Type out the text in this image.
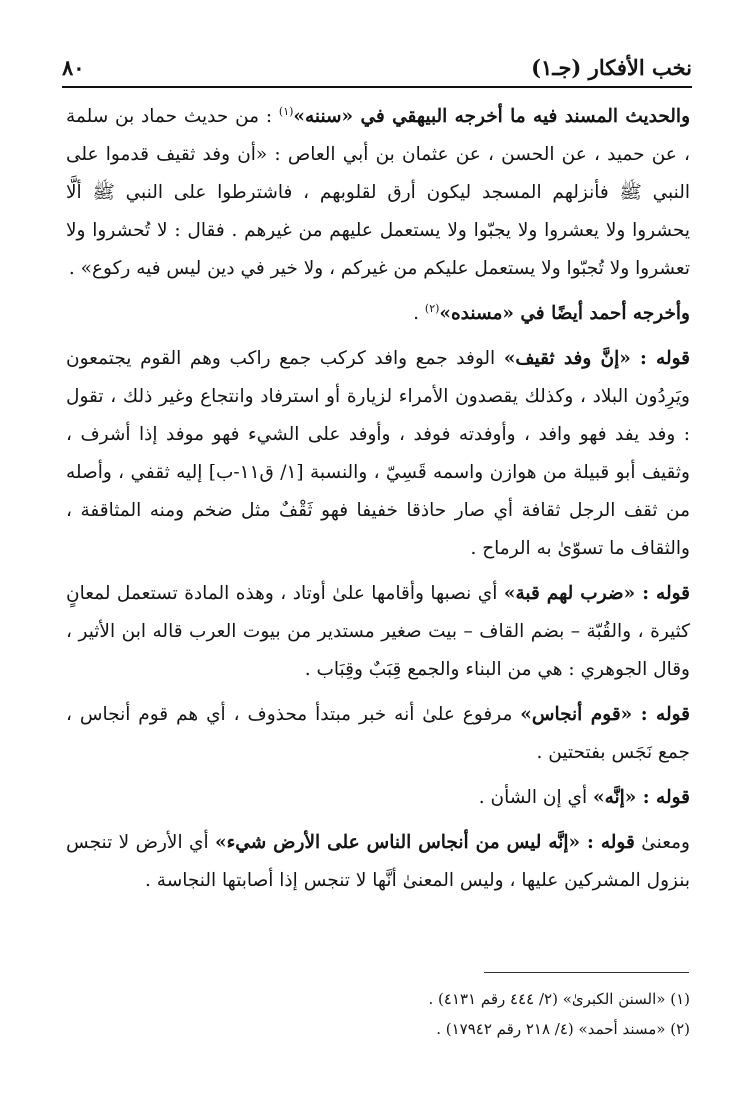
نخب الأفكار (جـ١)
٨٠

والحديث المسند فيه ما أخرجه البيهقي في «سننه»$^{(١)}$ : من حديث حماد بن سلمة ، عن حميد ، عن الحسن ، عن عثمان بن أبي العاص : «أن وفد ثقيف قدموا على النبي ﷺ فأنزلهم المسجد ليكون أرق لقلوبهم ، فاشترطوا على النبي ﷺ ألَّا يحشروا ولا يعشروا ولا يجبّوا ولا يستعمل عليهم من غيرهم . فقال : لا تُحشروا ولا تعشروا ولا تُجبّوا ولا يستعمل عليكم من غيركم ، ولا خير في دين ليس فيه ركوع» .

وأخرجه أحمد أيضًا في «مسنده»$^{(٢)}$ .

قوله : «إنَّ وفد ثقيف» الوفد جمع وافد كركب جمع راكب وهم القوم يجتمعون ويَرِدُون البلاد ، وكذلك يقصدون الأمراء لزيارة أو استرفاد وانتجاع وغير ذلك ، تقول : وفد يفد فهو وافد ، وأوفدته فوفد ، وأوفد على الشيء فهو موفد إذا أشرف ، وثقيف أبو قبيلة من هوازن واسمه قَسِيّ ، والنسبة [١/ ق١١-ب] إليه ثقفي ، وأصله من ثقف الرجل ثقافة أي صار حاذقا خفيفا فهو ثَقْفٌ مثل ضخم ومنه المثاقفة ، والثقاف ما تسوّىٰ به الرماح .

قوله : «ضرب لهم قبة» أي نصبها وأقامها علىٰ أوتاد ، وهذه المادة تستعمل لمعانٍ كثيرة ، والقُبّة – بضم القاف – بيت صغير مستدير من بيوت العرب قاله ابن الأثير ، وقال الجوهري : هي من البناء والجمع قِبَبٌ وقِبَاب .

قوله : «قوم أنجاس» مرفوع علىٰ أنه خبر مبتدأ محذوف ، أي هم قوم أنجاس ، جمع نَجَس بفتحتين .

قوله : «إنَّه» أي إن الشأن .

ومعنىٰ قوله : «إنَّه ليس من أنجاس الناس على الأرض شيء» أي الأرض لا تنجس بنزول المشركين عليها ، وليس المعنىٰ أنَّها لا تنجس إذا أصابتها النجاسة .

(١) «السنن الكبرىٰ» (٢/ ٤٤٤ رقم ٤١٣١) .
(٢) «مسند أحمد» (٤/ ٢١٨ رقم ١٧٩٤٢) .
